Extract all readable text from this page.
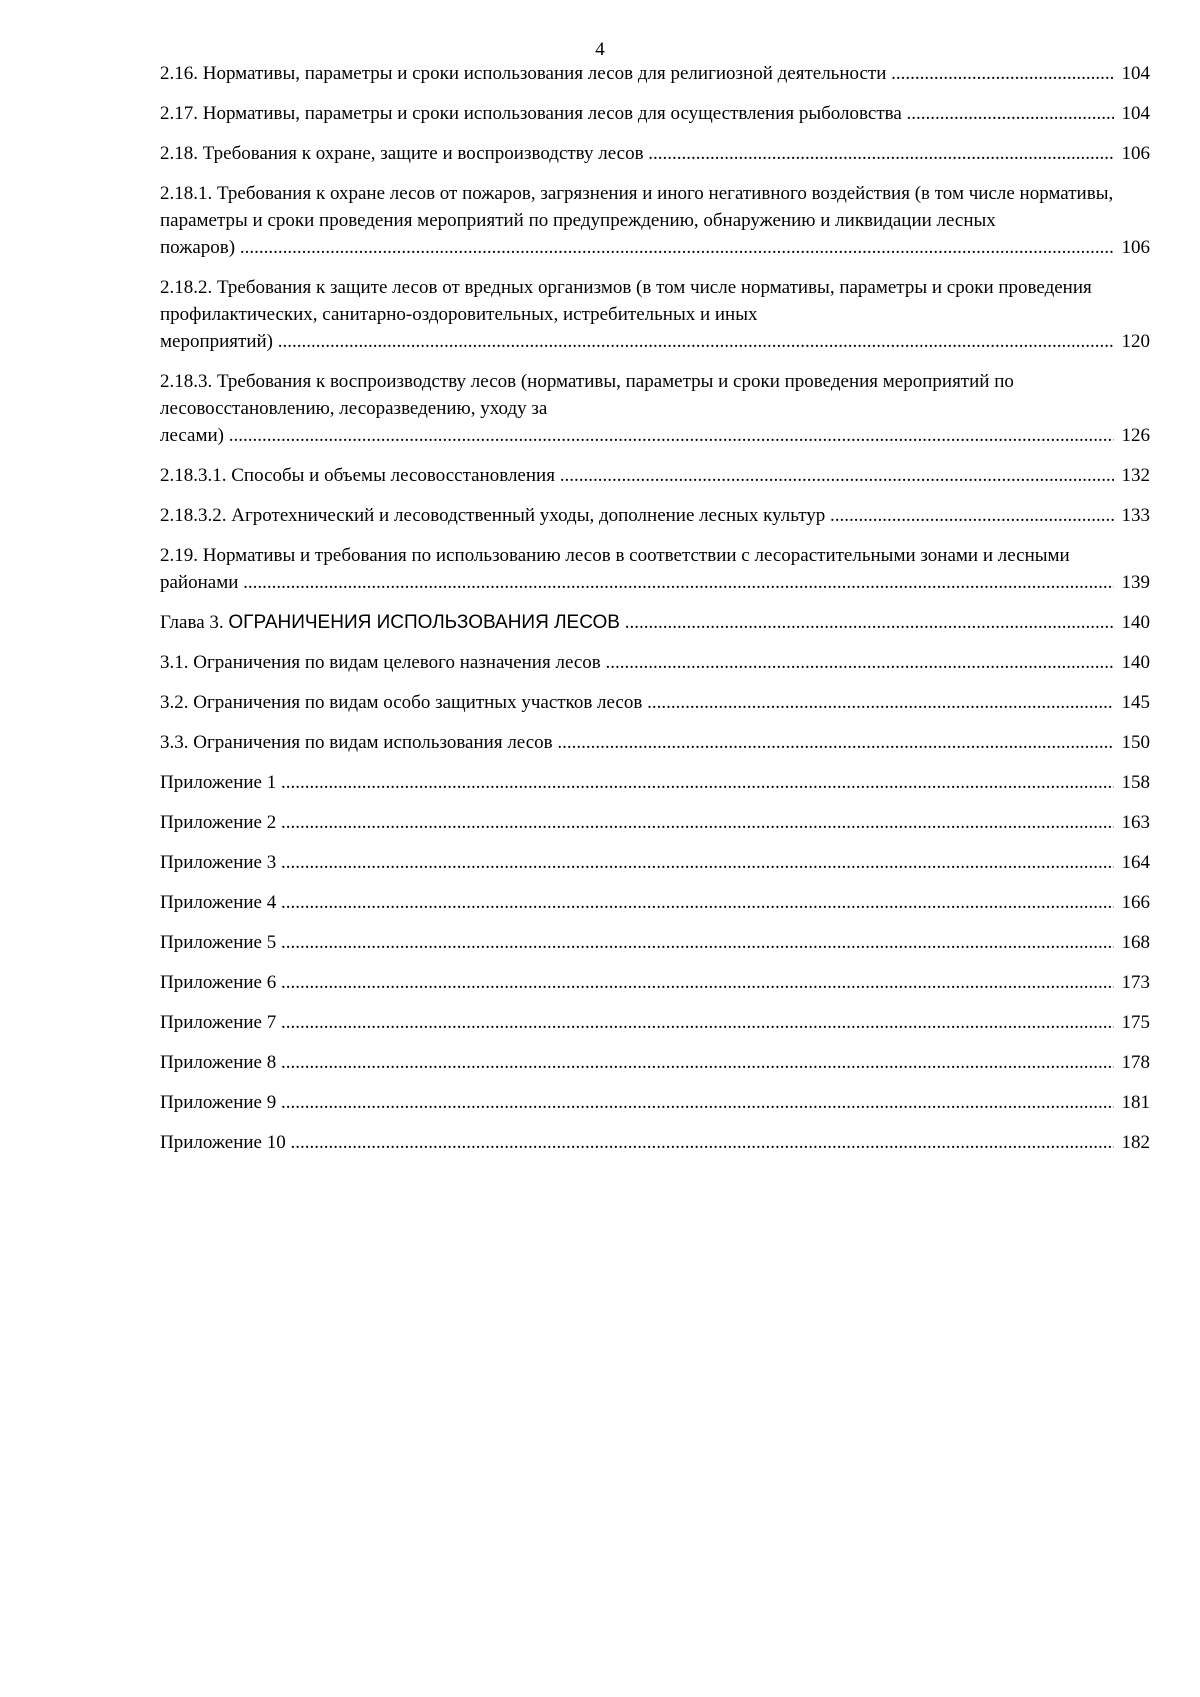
4
2.16. Нормативы, параметры и сроки использования лесов для религиозной деятельности .....	104
2.17. Нормативы, параметры и сроки использования лесов для осуществления рыболовства .....	104
2.18. Требования к охране, защите и воспроизводству лесов .....	106
2.18.1. Требования к охране лесов от пожаров, загрязнения и иного негативного воздействия (в том числе нормативы, параметры и сроки проведения мероприятий по предупреждению, обнаружению и ликвидации лесных пожаров) .....	106
2.18.2. Требования к защите лесов от вредных организмов (в том числе нормативы, параметры и сроки проведения профилактических, санитарно-оздоровительных, истребительных и иных мероприятий) .....	120
2.18.3. Требования к воспроизводству лесов (нормативы, параметры и сроки проведения мероприятий по лесовосстановлению, лесоразведению, уходу за лесами) .....	126
2.18.3.1. Способы и объемы лесовосстановления .....	132
2.18.3.2. Агротехнический и лесоводственный уходы, дополнение лесных культур .....	133
2.19. Нормативы и требования по использованию лесов в соответствии с лесорастительными зонами и лесными районами .....	139
Глава 3. ОГРАНИЧЕНИЯ ИСПОЛЬЗОВАНИЯ ЛЕСОВ .....	140
3.1. Ограничения по видам целевого назначения лесов .....	140
3.2. Ограничения по видам особо защитных участков лесов .....	145
3.3. Ограничения по видам использования лесов .....	150
Приложение 1 .....	158
Приложение 2 .....	163
Приложение 3 .....	164
Приложение 4 .....	166
Приложение 5 .....	168
Приложение 6 .....	173
Приложение 7 .....	175
Приложение 8 .....	178
Приложение 9 .....	181
Приложение 10 .....	182
